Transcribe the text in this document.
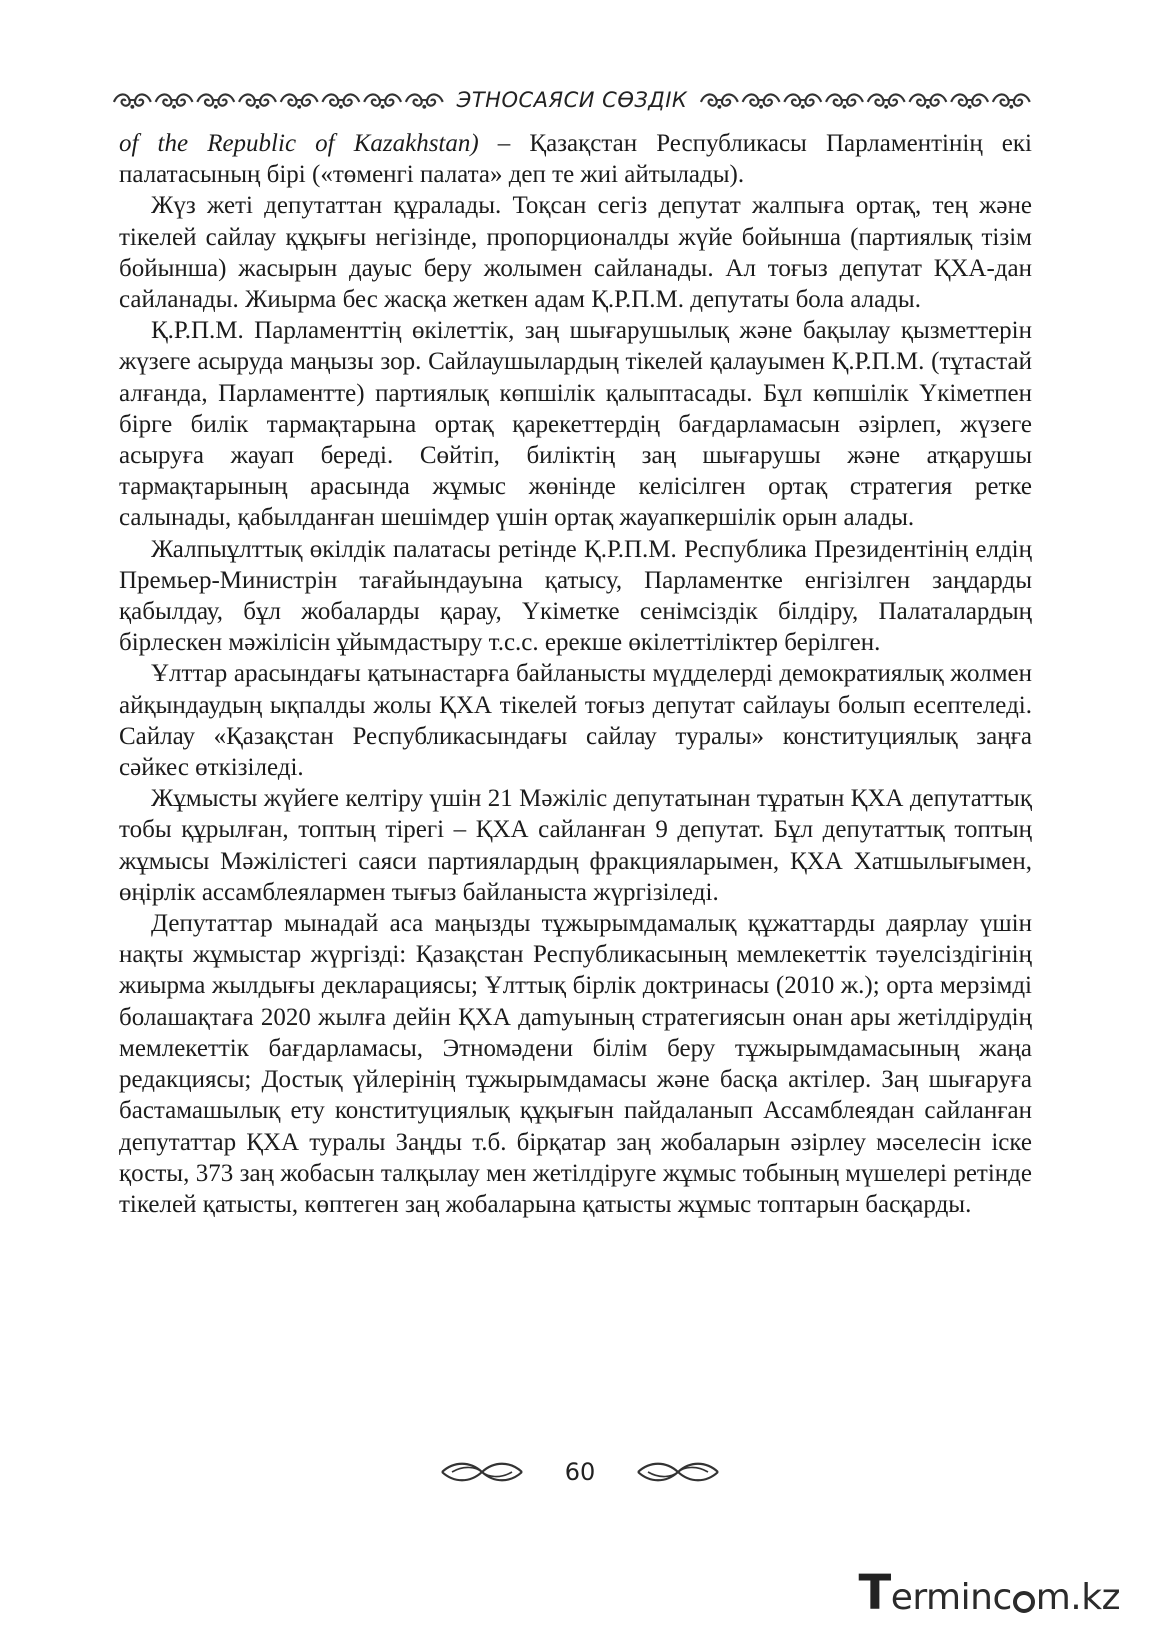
ЭТНОСАЯСИ СӨЗДІК

of the Republic of Kazakhstan) – Қазақстан Республикасы Парламентінің екі палатасының бірі («төменгі палата» деп те жиі айтылады).

Жүз жеті депутаттан құралады. Тоқсан сегіз депутат жалпыға ортақ, тең және тікелей сайлау құқығы негізінде, пропорционалды жүйе бойынша (партиялық тізім бойынша) жасырын дауыс беру жолымен сайланады. Ал тоғыз депутат ҚХА-дан сайланады. Жиырма бес жасқа жеткен адам Қ.Р.П.М. депутаты бола алады.

Қ.Р.П.М. Парламенттің өкілеттік, заң шығарушылық және бақылау қызметтерін жүзеге асыруда маңызы зор. Сайлаушылардың тікелей қалауымен Қ.Р.П.М. (тұтастай алғанда, Парламентте) партиялық көпшілік қалыптасады. Бұл көпшілік Үкіметпен бірге билік тармақтарына ортақ қарекеттердің бағдарламасын әзірлеп, жүзеге асыруға жауап береді. Сөйтіп, биліктің заң шығарушы және атқарушы тармақтарының арасында жұмыс жөнінде келісілген ортақ стратегия ретке салынады, қабылданған шешімдер үшін ортақ жауапкершілік орын алады.

Жалпыұлттық өкілдік палатасы ретінде Қ.Р.П.М. Республика Президентінің елдің Премьер-Министрін тағайындауына қатысу, Парламентке енгізілген заңдарды қабылдау, бұл жобаларды қарау, Үкіметке сенімсіздік білдіру, Палаталардың бірлескен мәжілісін ұйымдастыру т.с.с. ерекше өкілеттіліктер берілген.

Ұлттар арасындағы қатынастарға байланысты мүдделерді демократиялық жолмен айқындаудың ықпалды жолы ҚХА тікелей тоғыз депутат сайлауы болып есептеледі. Сайлау «Қазақстан Республикасындағы сайлау туралы» конституциялық заңға сәйкес өткізіледі.

Жұмысты жүйеге келтіру үшін 21 Мәжіліс депутатынан тұратын ҚХА депутаттық тобы құрылған, топтың тірегі – ҚХА сайланған 9 депутат. Бұл депутаттық топтың жұмысы Мәжілістегі саяси партиялардың фракцияларымен, ҚХА Хатшылығымен, өңірлік ассамблеялармен тығыз байланыста жүргізіледі.

Депутаттар мынадай аса маңызды тұжырымдамалық құжаттарды даярлау үшін нақты жұмыстар жүргізді: Қазақстан Республикасының мемлекеттік тәуелсіздігінің жиырма жылдығы декларациясы; Ұлттық бірлік доктринасы (2010 ж.); орта мерзімді болашақтаға 2020 жылға дейін ҚХА даmуының стратегиясын онан ары жетілдірудің мемлекеттік бағдарламасы, Этномәдени білім беру тұжырымдамасының жаңа редакциясы; Достық үйлерінің тұжырымдамасы және басқа актілер. Заң шығаруға бастамашылық ету конституциялық құқығын пайдаланып Ассамблеядан сайланған депутаттар ҚХА туралы Заңды т.б. бірқатар заң жобаларын әзірлеу мәселесін іске қосты, 373 заң жобасын талқылау мен жетілдіруге жұмыс тобының мүшелері ретінде тікелей қатысты, көптеген заң жобаларына қатысты жұмыс топтарын басқарды.

60
Terminc m.kz
